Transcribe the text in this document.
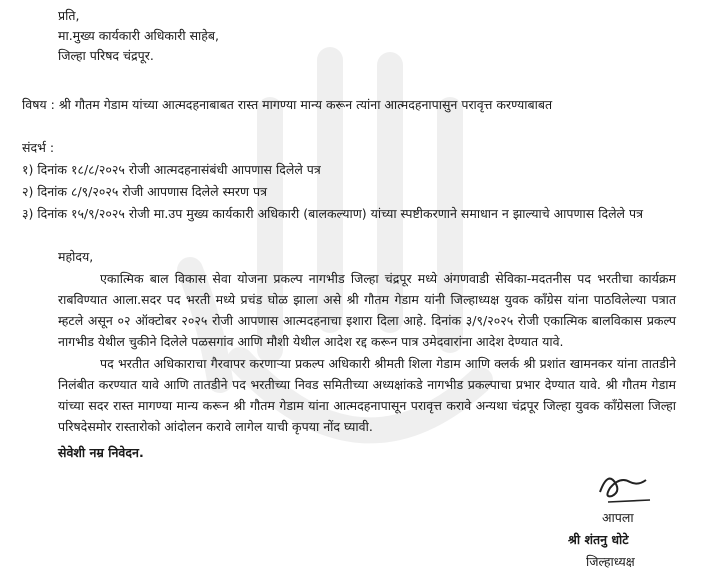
प्रति,
मा.मुख्य कार्यकारी अधिकारी साहेब,
जिल्हा परिषद चंद्रपूर.
विषय : श्री गौतम गेडाम यांच्या आत्मदहनाबाबत रास्त मागण्या मान्य करून त्यांना आत्मदहनापासुन परावृत्त करण्याबाबत
संदर्भ :
१) दिनांक १८/८/२०२५ रोजी आत्मदहनासंबंधी आपणास दिलेले पत्र
२) दिनांक ८/९/२०२५ रोजी आपणास दिलेले स्मरण पत्र
३) दिनांक १५/९/२०२५ रोजी मा.उप मुख्य कार्यकारी अधिकारी (बालकल्याण) यांच्या स्पष्टीकरणाने समाधान न झाल्याचे आपणास दिलेले पत्र
महोदय,
एकात्मिक बाल विकास सेवा योजना प्रकल्प नागभीड जिल्हा चंद्रपूर मध्ये अंगणवाडी सेविका-मदतनीस पद भरतीचा कार्यक्रम राबविण्यात आला.सदर पद भरती मध्ये प्रचंड घोळ झाला असे श्री गौतम गेडाम यांनी जिल्हाध्यक्ष युवक कॉंग्रेस यांना पाठविलेल्या पत्रात म्हटले असून ०२ ऑक्टोबर २०२५ रोजी आपणास आत्मदहनाचा इशारा दिला आहे. दिनांक ३/९/२०२५ रोजी एकात्मिक बालविकास प्रकल्प नागभीड येथील चुकीने दिलेले पळसगांव आणि मौशी येथील आदेश रद्द करून पात्र उमेदवारांना आदेश देण्यात यावे.
पद भरतीत अधिकाराचा गैरवापर करणाऱ्या प्रकल्प अधिकारी श्रीमती शिला गेडाम आणि क्लर्क श्री प्रशांत खामनकर यांना तातडीने निलंबीत करण्यात यावे आणि तातडीने पद भरतीच्या निवड समितीच्या अध्यक्षांकडे नागभीड प्रकल्पाचा प्रभार देण्यात यावे. श्री गौतम गेडाम यांच्या सदर रास्त मागण्या मान्य करून श्री गौतम गेडाम यांना आत्मदहनापासून परावृत्त करावे अन्यथा चंद्रपूर जिल्हा युवक कॉंग्रेसला जिल्हा परिषदेसमोर रास्तारोको आंदोलन करावे लागेल याची कृपया नोंद घ्यावी.
सेवेशी नम्र निवेदन.
आपला
श्री शंतनु धोटे
जिल्हाध्यक्ष
